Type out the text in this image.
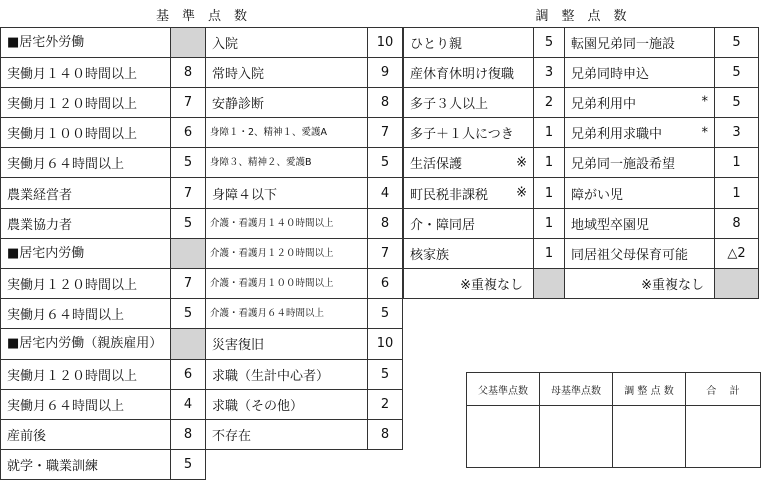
基　準　点　数			
■居宅外労働		入院	10
実働月１４０時間以上	8	常時入院	9
実働月１２０時間以上	7	安静診断	8
実働月１００時間以上	6	身障１・2、精神１、愛護A	7
実働月６４時間以上	5	身障３、精神２、愛護B	5
農業経営者	7	身障４以下	4
農業協力者	5	介護・看護月１４０時間以上	8
■居宅内労働		介護・看護月１２０時間以上	7
実働月１２０時間以上	7	介護・看護月１００時間以上	6
実働月６４時間以上	5	介護・看護月６４時間以上	5
■居宅内労働（親族雇用）		災害復旧	10
実働月１２０時間以上	6	求職（生計中心者）	5
実働月６４時間以上	4	求職（その他）	2
産前後	8	不存在	8
就学・職業訓練	5		
調　整　点　数			
ひとり親	5	転園兄弟同一施設	5
産休育休明け復職	3	兄弟同時申込	5
多子３人以上	2	兄弟利用中 *	5
多子＋１人につき	1	兄弟利用求職中 *	3
生活保護 ※	1	兄弟同一施設希望	1
町民税非課税 ※	1	障がい児	1
介・障同居	1	地域型卒園児	8
核家族	1	同居祖父母保育可能	△2
※重複なし		※重複なし	
父基準点数	母基準点数	調 整 点 数	合　 計
